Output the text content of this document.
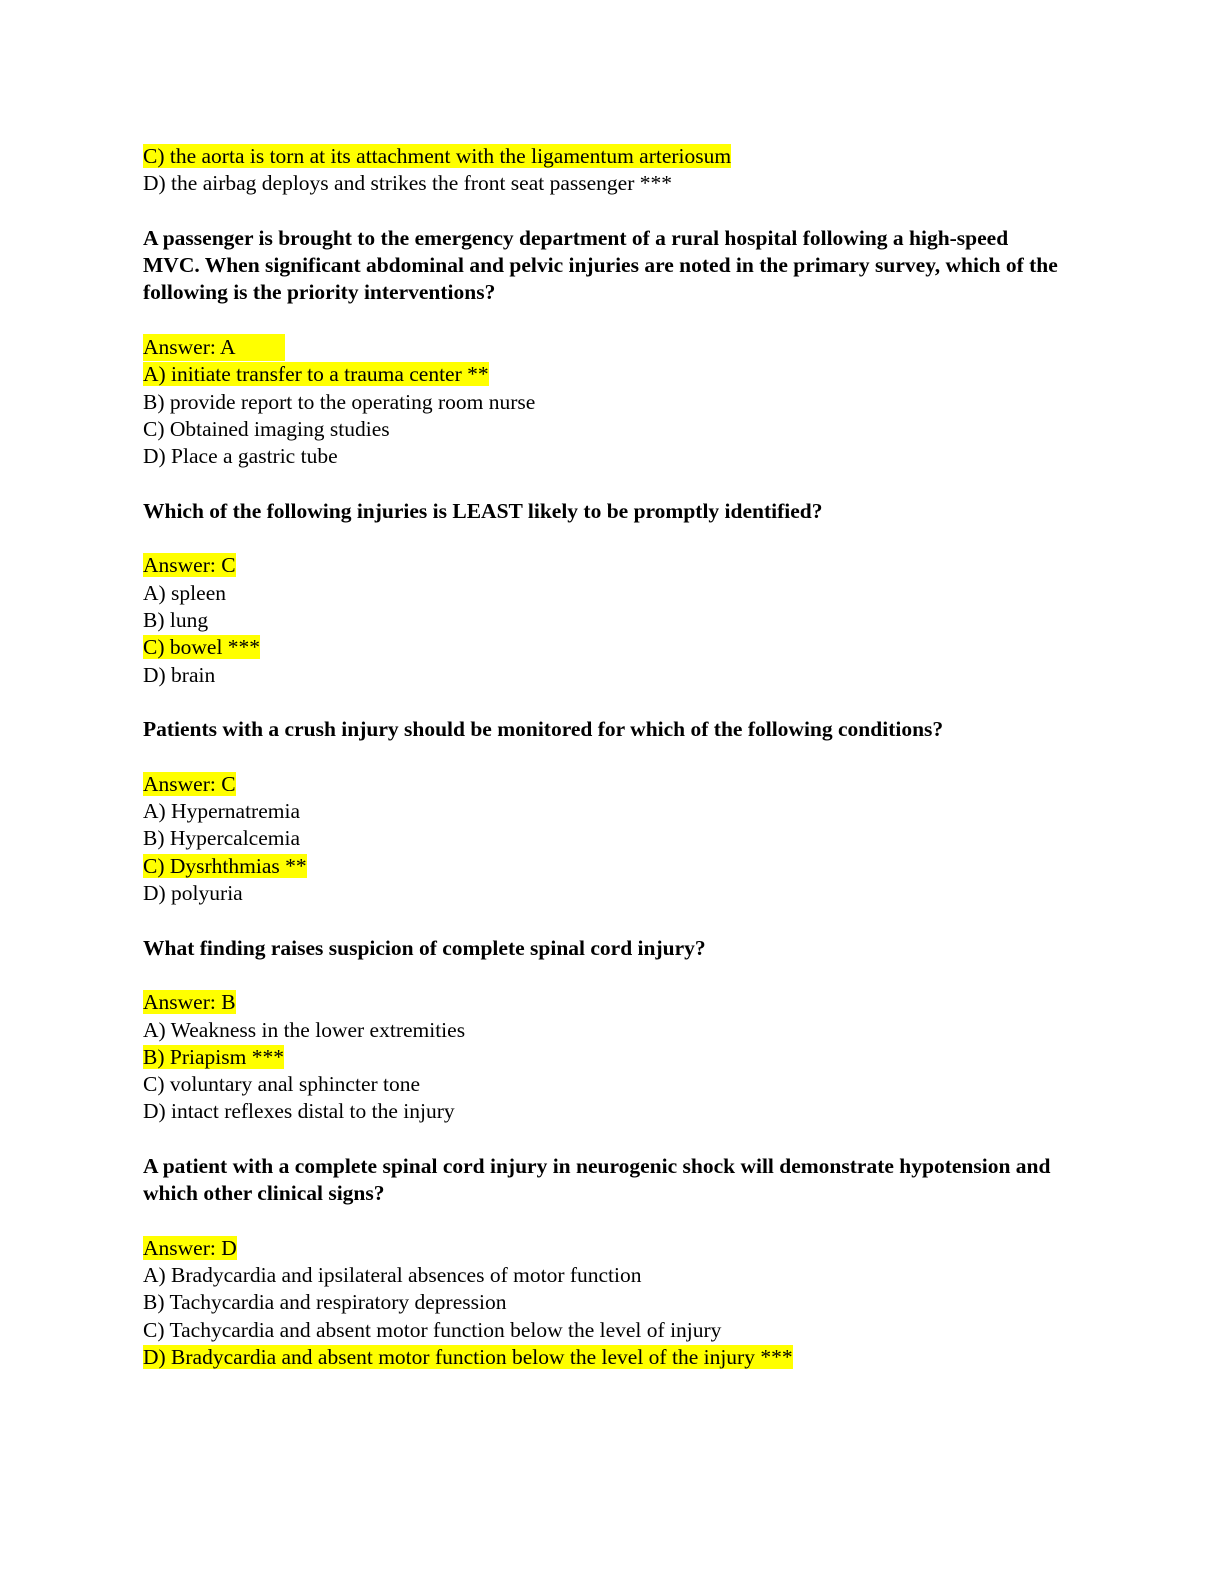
C) the aorta is torn at its attachment with the ligamentum arteriosum
D) the airbag deploys and strikes the front seat passenger ***
A passenger is brought to the emergency department of a rural hospital following a high-speed MVC. When significant abdominal and pelvic injuries are noted in the primary survey, which of the following is the priority interventions?
Answer: A
A) initiate transfer to a trauma center **
B) provide report to the operating room nurse
C) Obtained imaging studies
D) Place a gastric tube
Which of the following injuries is LEAST likely to be promptly identified?
Answer: C
A) spleen
B) lung
C) bowel ***
D) brain
Patients with a crush injury should be monitored for which of the following conditions?
Answer: C
A) Hypernatremia
B) Hypercalcemia
C) Dysrhthmias **
D) polyuria
What finding raises suspicion of complete spinal cord injury?
Answer: B
A) Weakness in the lower extremities
B) Priapism ***
C) voluntary anal sphincter tone
D) intact reflexes distal to the injury
A patient with a complete spinal cord injury in neurogenic shock will demonstrate hypotension and which other clinical signs?
Answer: D
A) Bradycardia and ipsilateral absences of motor function
B) Tachycardia and respiratory depression
C) Tachycardia and absent motor function below the level of injury
D) Bradycardia and absent motor function below the level of the injury ***
